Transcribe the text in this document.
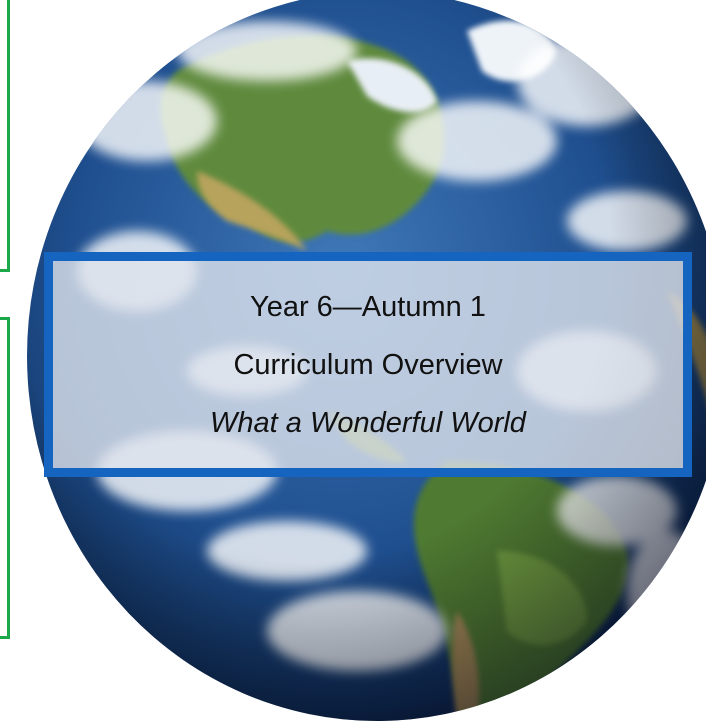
Year 6—Autumn 1
Curriculum Overview
What a Wonderful World
